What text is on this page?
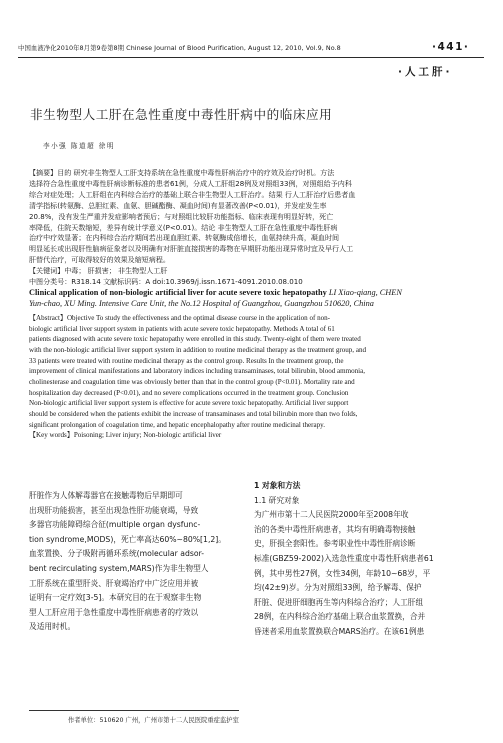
中国血液净化2010年8月第9卷第8期 Chinese Journal of Blood Purification, August 12, 2010, Vol.9, No.8	·441·
·人工肝·
非生物型人工肝在急性重度中毒性肝病中的临床应用
李小强 陈道超 徐明
【摘要】目的 研究非生物型人工肝支持系统在急性重度中毒性肝病治疗中的疗效及治疗时机。方法
选择符合急性重度中毒性肝病诊断标准的患者61例，分成人工肝组28例及对照组33例，对照组给予内科
综合对症处理；人工肝组在内科综合治疗的基础上联合非生物型人工肝治疗。结果 行人工肝治疗后患者血
清学指标(转氨酶、总胆红素、血氨、胆碱酯酶、凝血时间)有显著改善(P<0.01)，并发症发生率
20.8%，没有发生严重并发症影响者预后；与对照组比较肝功能指标、临床表现有明显好转，死亡
率降低，住院天数缩短，差异有统计学意义(P<0.01)。结论 非生物型人工肝在急性重度中毒性肝病
治疗中疗效显著；在内科综合治疗期间若出现血胆红素、转氨酶成倍增长，血氨持续升高，凝血时间
明显延长或出现肝性脑病征象者以及明确有对肝脏直接损害的毒物在早期肝功能出现异常时宜及早行人工
肝替代治疗，可取得较好的效果及缩短病程。
【关键词】中毒； 肝损害； 非生物型人工肝
中图分类号：R318.14 文献标识码：A doi:10.3969/j.issn.1671-4091.2010.08.010
Clinical application of non-biologic artificial liver for acute severe toxic hepatopathy LI Xiao-qiang, CHEN
Yun-chao, XU Ming. Intensive Care Unit, the No.12 Hospital of Guangzhou, Guangzhou 510620, China
【Abstract】Objective To study the effectiveness and the optimal disease course in the application of non-
biologic artificial liver support system in patients with acute severe toxic hepatopathy. Methods A total of 61
patients diagnosed with acute severe toxic hepatopathy were enrolled in this study. Twenty-eight of them were treated
with the non-biologic artificial liver support system in addition to routine medicinal therapy as the treatment group, and
33 patients were treated with routine medicinal therapy as the control group. Results In the treatment group, the
improvement of clinical manifestations and laboratory indices including transaminases, total bilirubin, blood ammonia,
cholinesterase and coagulation time was obviously better than that in the control group (P<0.01). Mortality rate and
hospitalization day decreased (P<0.01), and no severe complications occurred in the treatment group. Conclusion
Non-biologic artificial liver support system is effective for acute severe toxic hepatopathy. Artificial liver support
should be considered when the patients exhibit the increase of transaminases and total bilirubin more than two folds,
significant prolongation of coagulation time, and hepatic encephalopathy after routine medicinal therapy.
【Key words】Poisoning; Liver injury; Non-biologic artificial liver
肝脏作为人体解毒器官在接触毒物后早期即可
出现肝功能损害，甚至出现急性肝功能衰竭，导致
多器官功能障碍综合征(multiple organ dysfunc-
tion syndrome,MODS)，死亡率高达60%~80%[1,2]。
血浆置换、分子吸附再循环系统(molecular adsor-
bent recirculating system,MARS)作为非生物型人
工肝系统在重型肝炎、肝衰竭治疗中广泛应用并被
证明有一定疗效[3-5]。本研究目的在于观察非生物
型人工肝应用于急性重度中毒性肝病患者的疗效以
及适用时机。
1 对象和方法
1.1 研究对象
为广州市第十二人民医院2000年至2008年收
治的各类中毒性肝病患者，其均有明确毒物接触
史，肝损全套阳性。参考职业性中毒性肝病诊断
标准(GBZ59-2002)入选急性重度中毒性肝病患者61
例，其中男性27例，女性34例，年龄10~68岁，平
均(42±9)岁。分为对照组33例，给予解毒、保护
肝脏、促进肝细胞再生等内科综合治疗；人工肝组
28例，在内科综合治疗基础上联合血浆置换，合并
昏迷者采用血浆置换联合MARS治疗。在该61例患
作者单位：510620 广州，广州市第十二人民医院重症监护室
